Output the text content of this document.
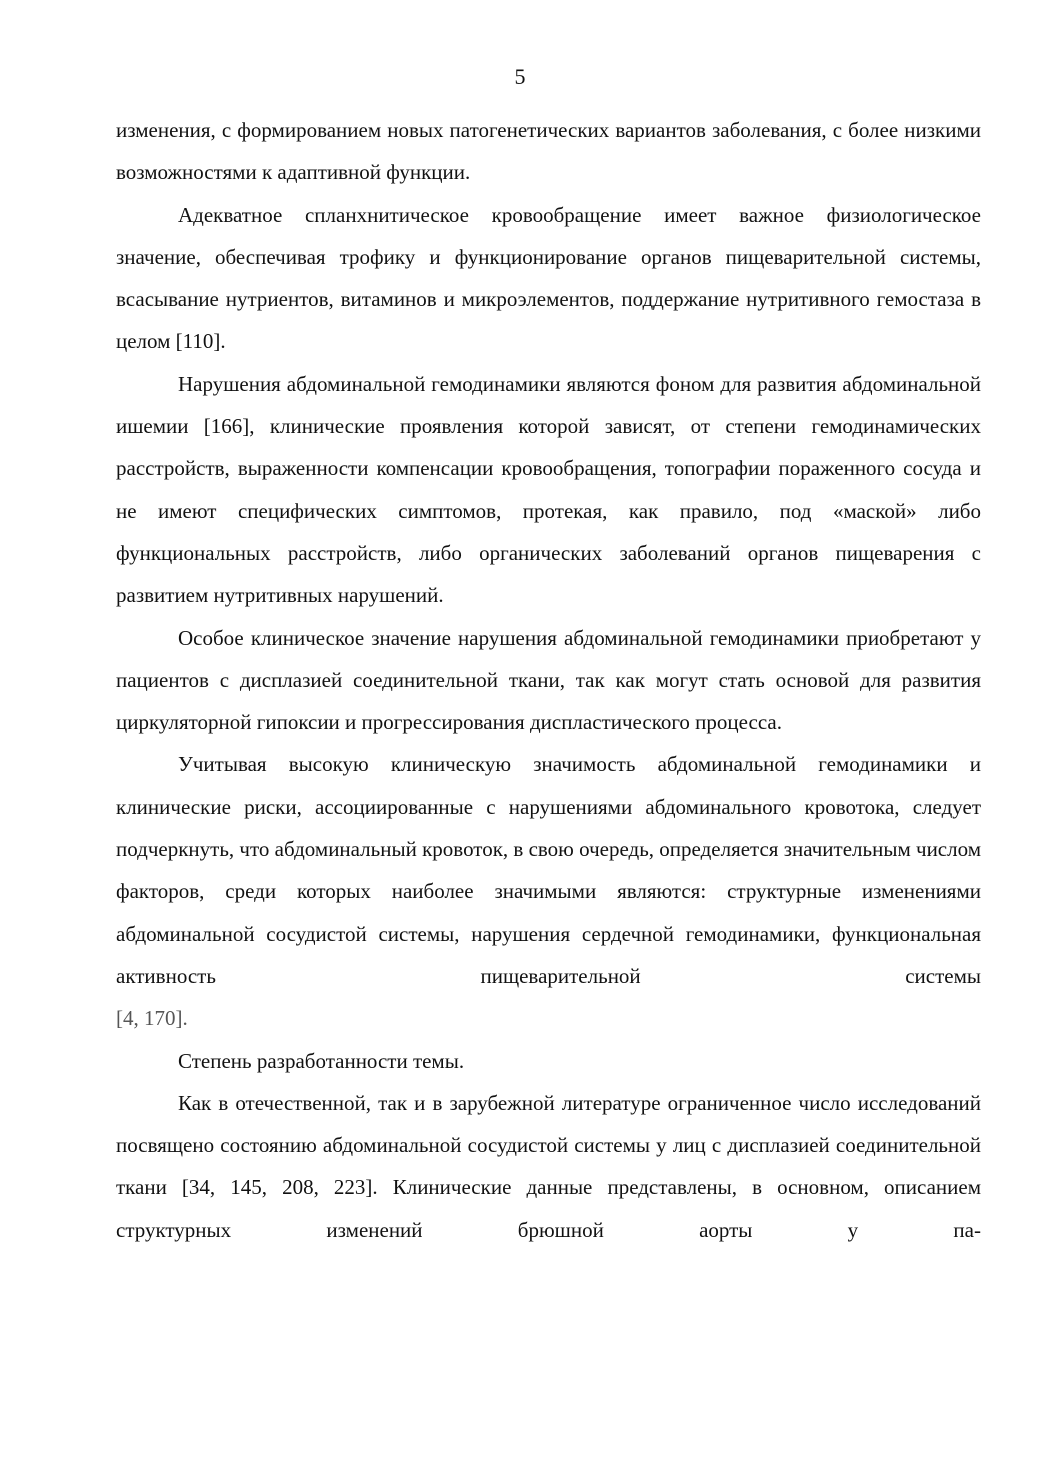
5

изменения, с формированием новых патогенетических вариантов заболевания, с более низкими возможностями к адаптивной функции.

Адекватное спланхнитическое кровообращение имеет важное физиологическое значение, обеспечивая трофику и функционирование органов пищеварительной системы, всасывание нутриентов, витаминов и микроэлементов, поддержание нутритивного гемостаза в целом [110].

Нарушения абдоминальной гемодинамики являются фоном для развития абдоминальной ишемии [166], клинические проявления которой зависят, от степени гемодинамических расстройств, выраженности компенсации кровообращения, топографии пораженного сосуда и не имеют специфических симптомов, протекая, как правило, под «маской» либо функциональных расстройств, либо органических заболеваний органов пищеварения с развитием нутритивных нарушений.

Особое клиническое значение нарушения абдоминальной гемодинамики приобретают у пациентов с дисплазией соединительной ткани, так как могут стать основой для развития циркуляторной гипоксии и прогрессирования диспластического процесса.

Учитывая высокую клиническую значимость абдоминальной гемодинамики и клинические риски, ассоциированные с нарушениями абдоминального кровотока, следует подчеркнуть, что абдоминальный кровоток, в свою очередь, определяется значительным числом факторов, среди которых наиболее значимыми являются: структурные изменениями абдоминальной сосудистой системы, нарушения сердечной гемодинамики, функциональная активность пищеварительной системы

[4, 170].

Степень разработанности темы.

Как в отечественной, так и в зарубежной литературе ограниченное число исследований посвящено состоянию абдоминальной сосудистой системы у лиц с дисплазией соединительной ткани [34, 145, 208, 223]. Клинические данные представлены, в основном, описанием структурных изменений брюшной аорты у па-
